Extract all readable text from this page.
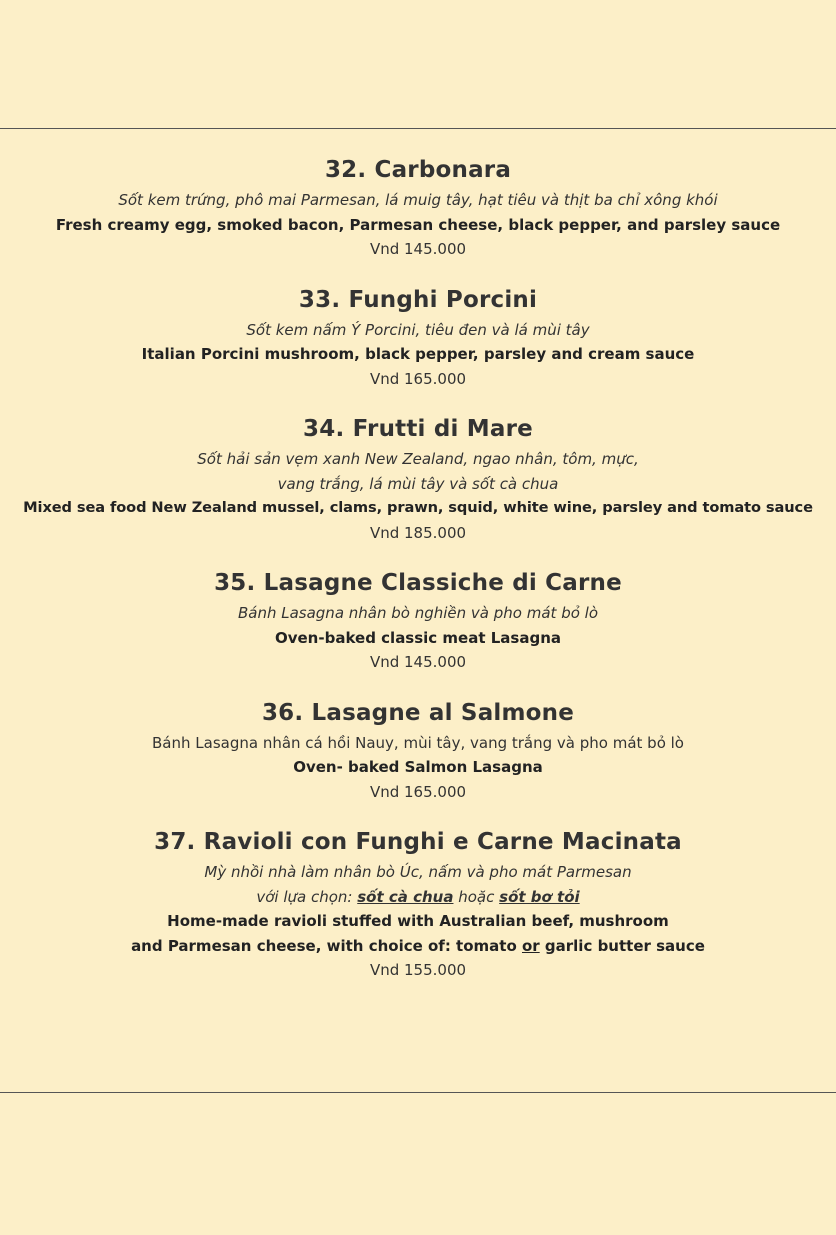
32. Carbonara

Sốt kem trứng, phô mai Parmesan, lá muig tây, hạt tiêu và thịt ba chỉ xông khói

Fresh creamy egg, smoked bacon, Parmesan cheese, black pepper, and parsley sauce

Vnd 145.000

33. Funghi Porcini

Sốt kem nấm Ý Porcini, tiêu đen và lá mùi tây

Italian Porcini mushroom, black pepper, parsley and cream sauce

Vnd 165.000

34. Frutti di Mare

Sốt hải sản vẹm xanh New Zealand, ngao nhân, tôm, mực,

vang trắng, lá mùi tây và sốt cà chua

Mixed sea food New Zealand mussel, clams, prawn, squid, white wine, parsley and tomato sauce

Vnd 185.000

35. Lasagne Classiche di Carne

Bánh Lasagna nhân bò nghiền và pho mát bỏ lò

Oven-baked classic meat Lasagna

Vnd 145.000

36. Lasagne al Salmone

Bánh Lasagna nhân cá hồi Nauy, mùi tây, vang trắng và pho mát bỏ lò

Oven- baked Salmon Lasagna

Vnd 165.000

37. Ravioli con Funghi e Carne Macinata

Mỳ nhồi nhà làm nhân bò Úc, nấm và pho mát Parmesan

với lựa chọn: sốt cà chua hoặc sốt bơ tỏi

Home-made ravioli stuffed with Australian beef, mushroom

and Parmesan cheese, with choice of: tomato or garlic butter sauce

Vnd 155.000
